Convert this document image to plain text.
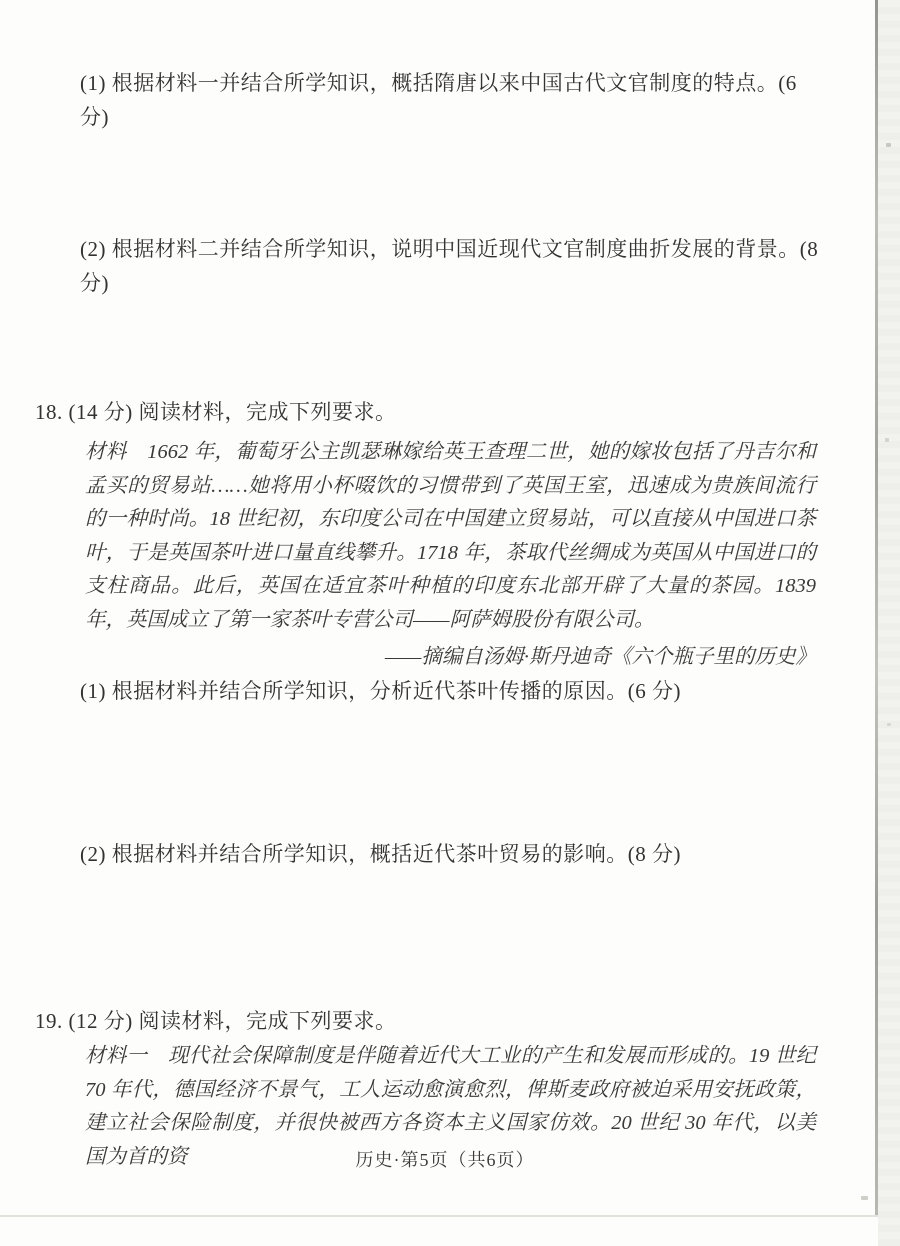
(1) 根据材料一并结合所学知识，概括隋唐以来中国古代文官制度的特点。(6 分)
(2) 根据材料二并结合所学知识，说明中国近现代文官制度曲折发展的背景。(8 分)
18. (14 分) 阅读材料，完成下列要求。
材料　1662 年，葡萄牙公主凯瑟琳嫁给英王查理二世，她的嫁妆包括了丹吉尔和孟买的贸易站……她将用小杯啜饮的习惯带到了英国王室，迅速成为贵族间流行的一种时尚。18 世纪初，东印度公司在中国建立贸易站，可以直接从中国进口茶叶，于是英国茶叶进口量直线攀升。1718 年，茶取代丝绸成为英国从中国进口的支柱商品。此后，英国在适宜茶叶种植的印度东北部开辟了大量的茶园。1839 年，英国成立了第一家茶叶专营公司——阿萨姆股份有限公司。
——摘编自汤姆·斯丹迪奇《六个瓶子里的历史》
(1) 根据材料并结合所学知识，分析近代茶叶传播的原因。(6 分)
(2) 根据材料并结合所学知识，概括近代茶叶贸易的影响。(8 分)
19. (12 分) 阅读材料，完成下列要求。
材料一　现代社会保障制度是伴随着近代大工业的产生和发展而形成的。19 世纪 70 年代，德国经济不景气，工人运动愈演愈烈，俾斯麦政府被迫采用安抚政策，建立社会保险制度，并很快被西方各资本主义国家仿效。20 世纪 30 年代，以美国为首的资	历史·第5页（共6页）
